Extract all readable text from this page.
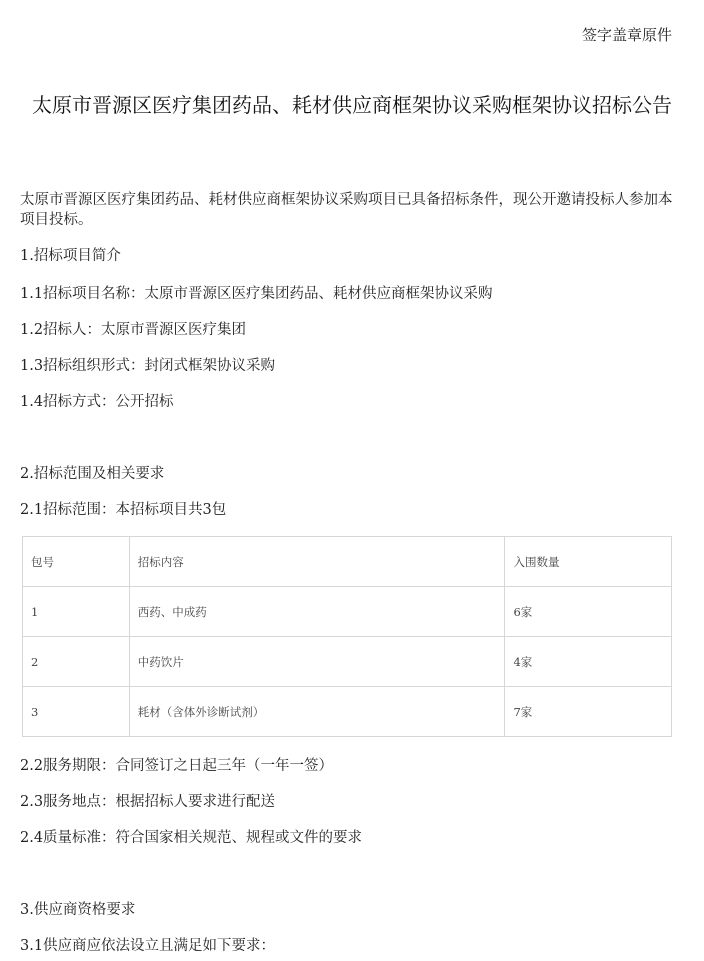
签字盖章原件
太原市晋源区医疗集团药品、耗材供应商框架协议采购框架协议招标公告
太原市晋源区医疗集团药品、耗材供应商框架协议采购项目已具备招标条件，现公开邀请投标人参加本项目投标。
1.招标项目简介
1.1招标项目名称：太原市晋源区医疗集团药品、耗材供应商框架协议采购
1.2招标人：太原市晋源区医疗集团
1.3招标组织形式：封闭式框架协议采购
1.4招标方式：公开招标
2.招标范围及相关要求
2.1招标范围：本招标项目共3包
包号	招标内容	入围数量
1	西药、中成药	6家
2	中药饮片	4家
3	耗材（含体外诊断试剂）	7家
2.2服务期限：合同签订之日起三年（一年一签）
2.3服务地点：根据招标人要求进行配送
2.4质量标准：符合国家相关规范、规程或文件的要求
3.供应商资格要求
3.1供应商应依法设立且满足如下要求：
